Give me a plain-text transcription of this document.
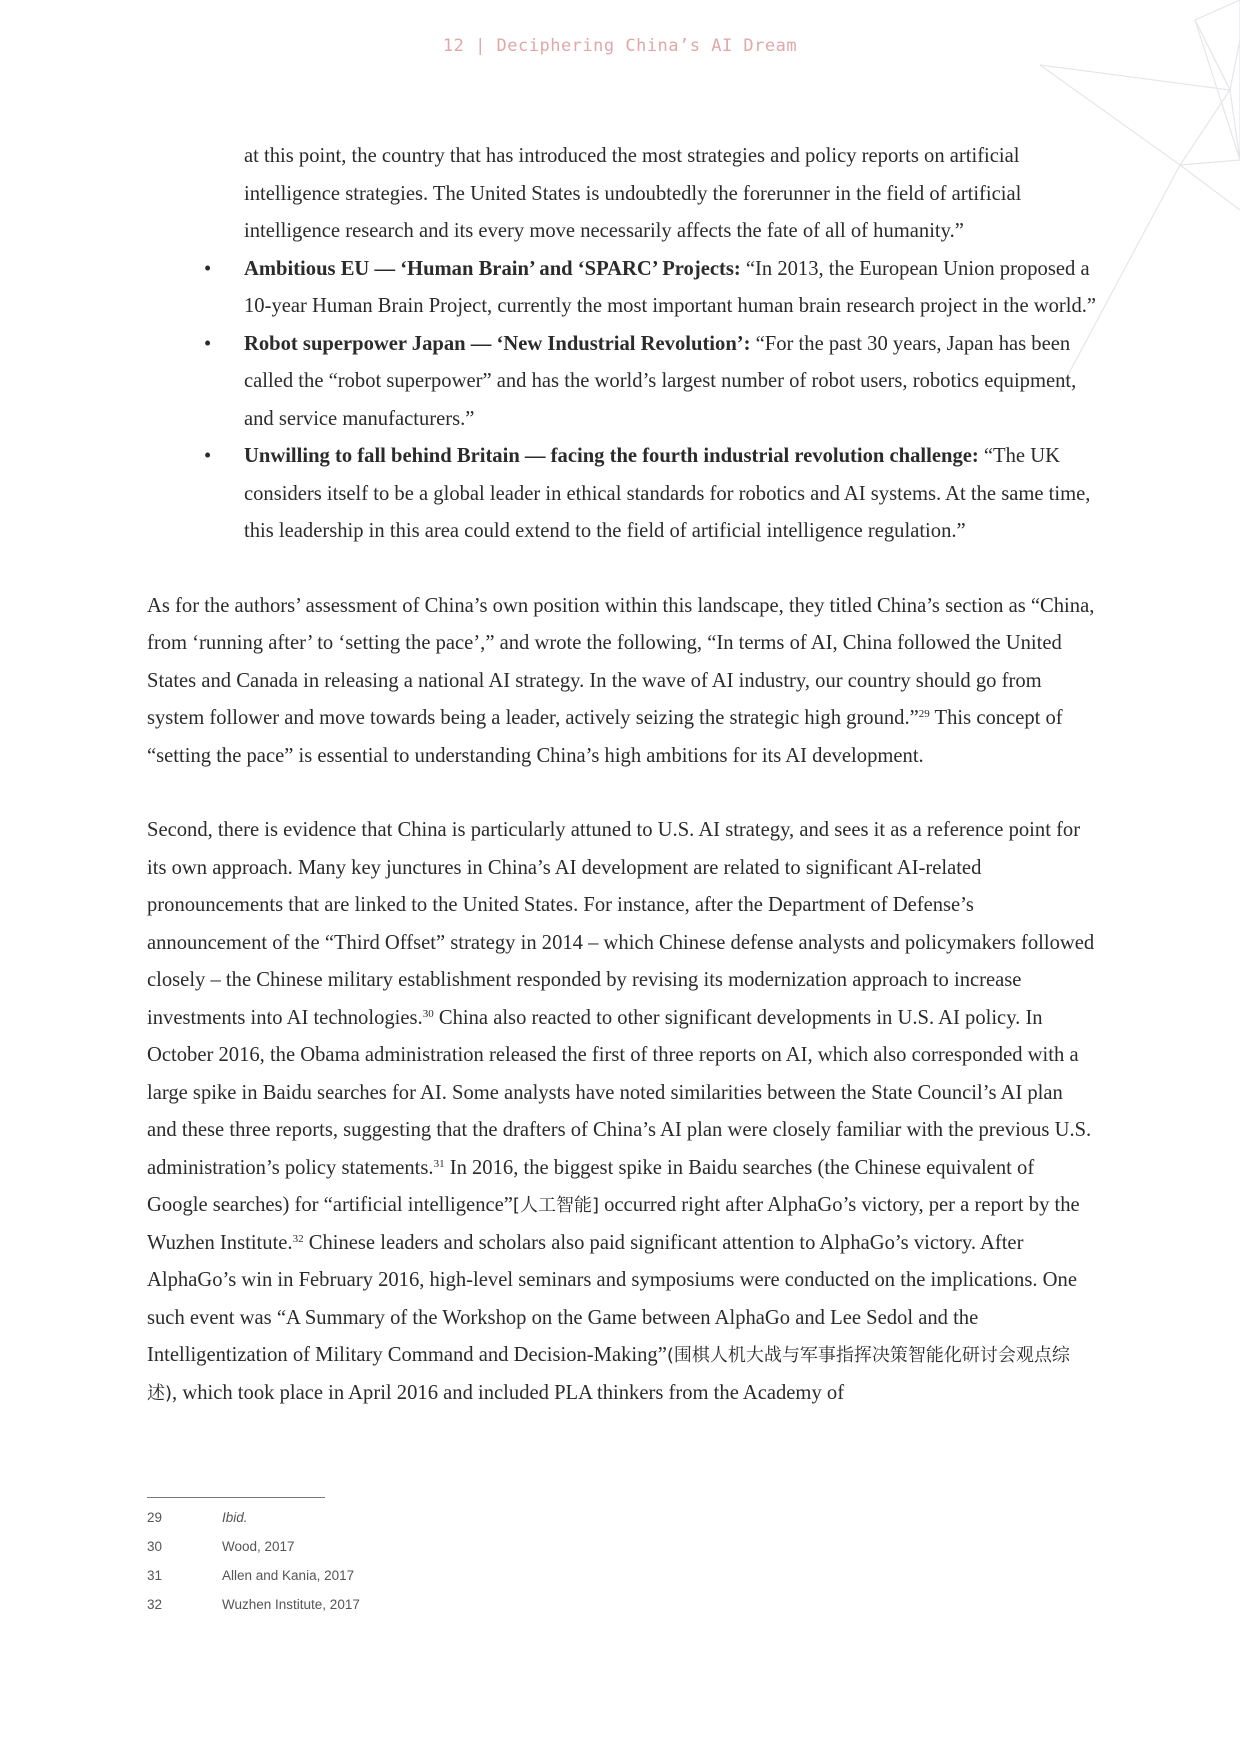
12 | Deciphering China’s AI Dream

at this point, the country that has introduced the most strategies and policy reports on artificial intelligence strategies. The United States is undoubtedly the forerunner in the field of artificial intelligence research and its every move necessarily affects the fate of all of humanity.”

• Ambitious EU — ‘Human Brain’ and ‘SPARC’ Projects: “In 2013, the European Union proposed a 10-year Human Brain Project, currently the most important human brain research project in the world.”
• Robot superpower Japan — ‘New Industrial Revolution’: “For the past 30 years, Japan has been called the “robot superpower” and has the world’s largest number of robot users, robotics equipment, and service manufacturers.”
• Unwilling to fall behind Britain — facing the fourth industrial revolution challenge: “The UK considers itself to be a global leader in ethical standards for robotics and AI systems. At the same time, this leadership in this area could extend to the field of artificial intelligence regulation.”

As for the authors’ assessment of China’s own position within this landscape, they titled China’s section as “China, from ‘running after’ to ‘setting the pace’,” and wrote the following, “In terms of AI, China followed the United States and Canada in releasing a national AI strategy. In the wave of AI industry, our country should go from system follower and move towards being a leader, actively seizing the strategic high ground.”$^{29}$ This concept of “setting the pace” is essential to understanding China’s high ambitions for its AI development.

Second, there is evidence that China is particularly attuned to U.S. AI strategy, and sees it as a reference point for its own approach. Many key junctures in China’s AI development are related to significant AI-related pronouncements that are linked to the United States. For instance, after the Department of Defense’s announcement of the “Third Offset” strategy in 2014 – which Chinese defense analysts and policymakers followed closely – the Chinese military establishment responded by revising its modernization approach to increase investments into AI technologies.$^{30}$ China also reacted to other significant developments in U.S. AI policy. In October 2016, the Obama administration released the first of three reports on AI, which also corresponded with a large spike in Baidu searches for AI. Some analysts have noted similarities between the State Council’s AI plan and these three reports, suggesting that the drafters of China’s AI plan were closely familiar with the previous U.S. administration’s policy statements.$^{31}$ In 2016, the biggest spike in Baidu searches (the Chinese equivalent of Google searches) for “artificial intelligence”[人工智能] occurred right after AlphaGo’s victory, per a report by the Wuzhen Institute.$^{32}$ Chinese leaders and scholars also paid significant attention to AlphaGo’s victory. After AlphaGo’s win in February 2016, high-level seminars and symposiums were conducted on the implications. One such event was “A Summary of the Workshop on the Game between AlphaGo and Lee Sedol and the Intelligentization of Military Command and Decision-Making”(围棋人机大战与军事指挥决策智能化研讨会观点综述), which took place in April 2016 and included PLA thinkers from the Academy of

29	Ibid.
30	Wood, 2017
31	Allen and Kania, 2017
32	Wuzhen Institute, 2017
